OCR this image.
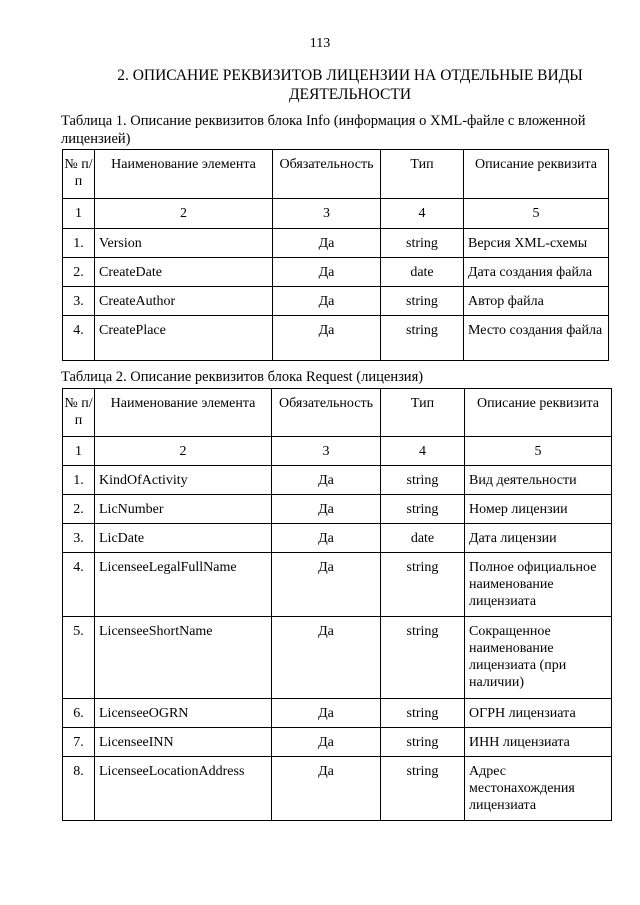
113
2. ОПИСАНИЕ РЕКВИЗИТОВ ЛИЦЕНЗИИ НА ОТДЕЛЬНЫЕ ВИДЫ ДЕЯТЕЛЬНОСТИ
Таблица 1. Описание реквизитов блока Info (информация о XML-файле с вложенной лицензией)
№ п/п	Наименование элемента	Обязательность	Тип	Описание реквизита
1	2	3	4	5
1.	Version	Да	string	Версия XML-схемы
2.	CreateDate	Да	date	Дата создания файла
3.	CreateAuthor	Да	string	Автор файла
4.	CreatePlace	Да	string	Место создания файла
Таблица 2. Описание реквизитов блока Request (лицензия)
№ п/п	Наименование элемента	Обязательность	Тип	Описание реквизита
1	2	3	4	5
1.	KindOfActivity	Да	string	Вид деятельности
2.	LicNumber	Да	string	Номер лицензии
3.	LicDate	Да	date	Дата лицензии
4.	LicenseeLegalFullName	Да	string	Полное официальное наименование лицензиата
5.	LicenseeShortName	Да	string	Сокращенное наименование лицензиата (при наличии)
6.	LicenseeOGRN	Да	string	ОГРН лицензиата
7.	LicenseeINN	Да	string	ИНН лицензиата
8.	LicenseeLocationAddress	Да	string	Адрес местонахождения лицензиата
